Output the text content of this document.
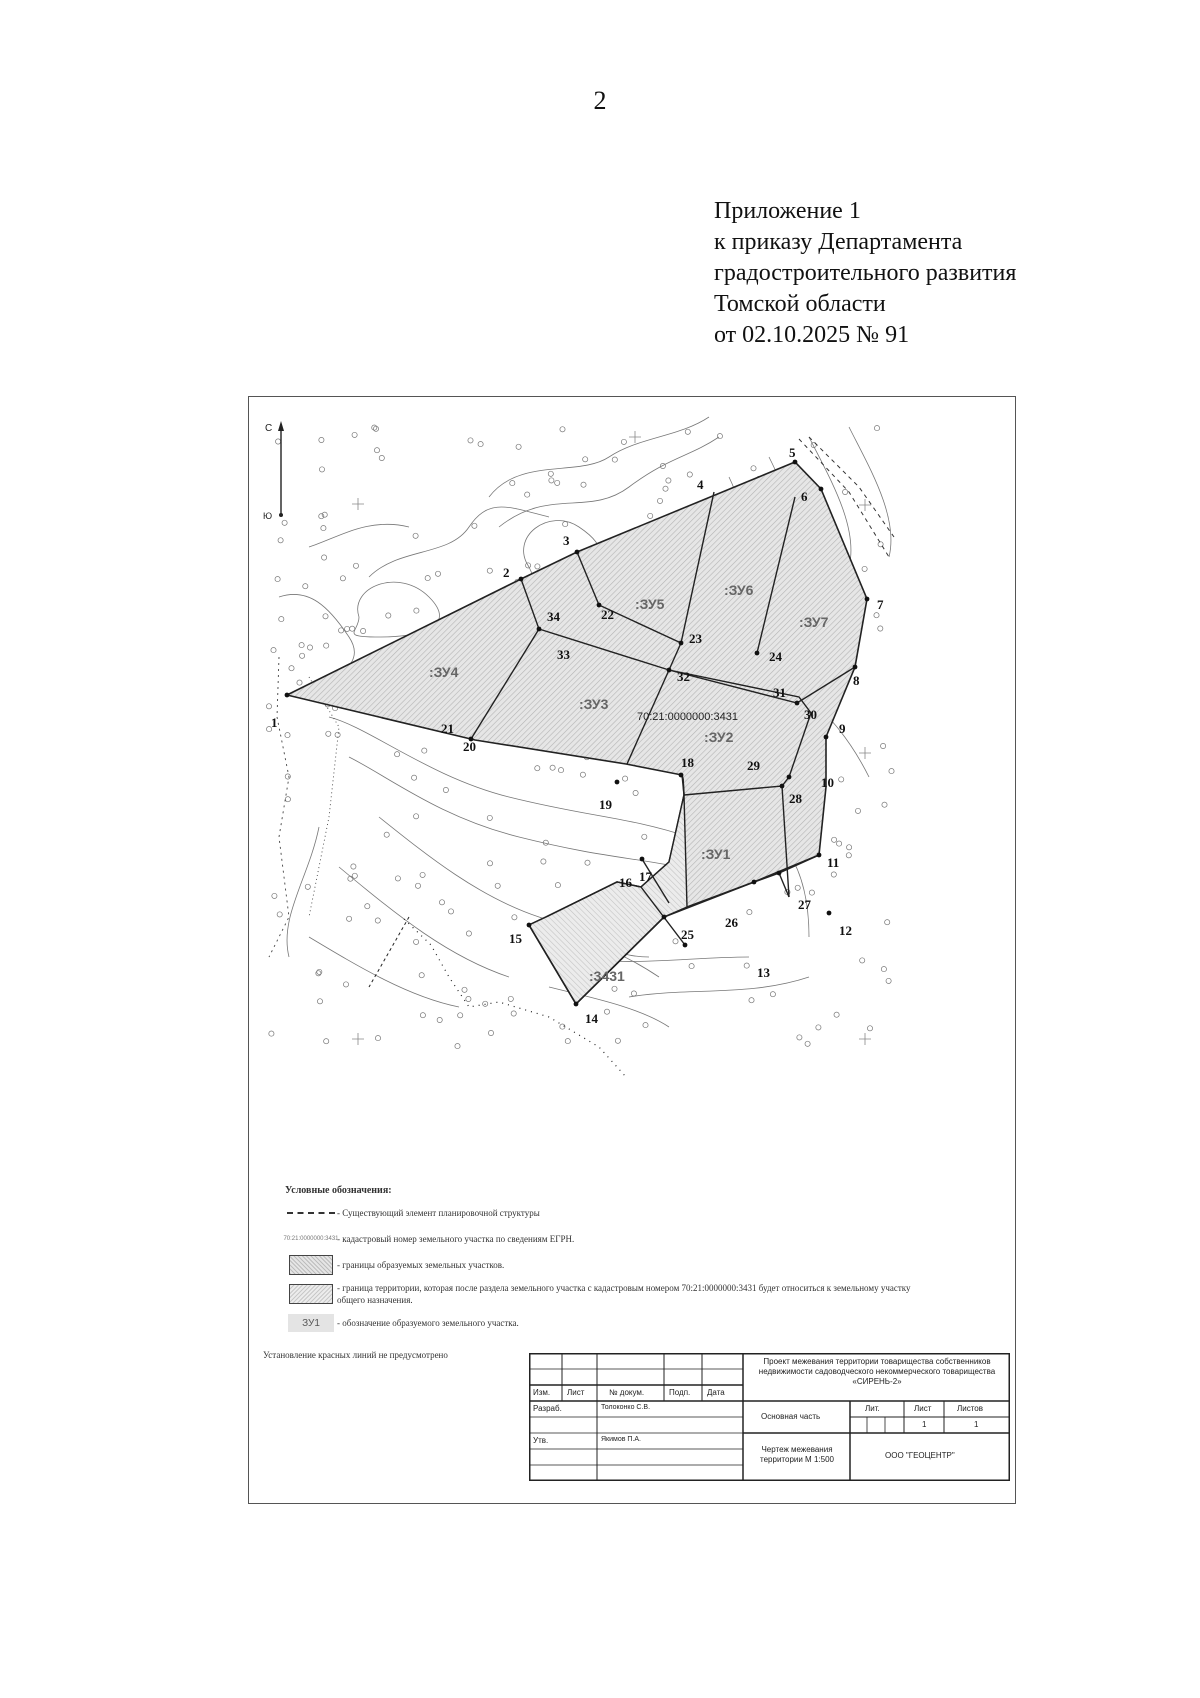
2
Приложение 1
к приказу Департамента
градостроительного развития
Томской области
от 02.10.2025 № 91
С
Ю
:ЗУ1
:ЗУ2
:ЗУ3
:ЗУ4
:ЗУ5
:ЗУ6
:ЗУ7
:3431
70:21:0000000:3431
1
2
3
4
5
6
7
8
9
10
11
12
13
14
15
16 17
18
19
20
21
22
23
24
25
26
27
28
29
30
31
32
33
34
Условные обозначения:
- Существующий элемент планировочной структуры
70:21:0000000:3431
- кадастровый номер земельного участка по сведениям ЕГРН.
- границы образуемых земельных участков.
- граница территории, которая после раздела земельного участка с кадастровым номером 70:21:0000000:3431 будет относиться к земельному участку общего назначения.
ЗУ1	- обозначение образуемого земельного участка.
Установление красных линий не предусмотрено
Изм. Лист	№ докум.	Подп. Дата
Разраб.	Толоконко С.В.
Утв.	Якимов П.А.
Проект межевания территории товарищества собственников недвижимости садоводческого некоммерческого товарищества «СИРЕНЬ-2»
Основная часть
Лит.	Лист	Листов
1	1
Чертеж межевания территории М 1:500	ООО "ГЕОЦЕНТР"
